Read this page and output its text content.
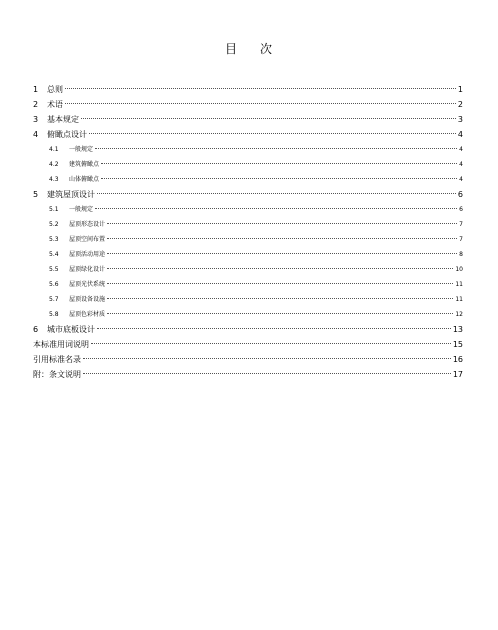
目 次
1	总则	1
2	术语	2
3	基本规定	3
4	俯瞰点设计	4
4.1	一般规定	4
4.2	建筑俯瞰点	4
4.3	山体俯瞰点	4
5	建筑屋顶设计	6
5.1	一般规定	6
5.2	屋顶形态设计	7
5.3	屋顶空间布置	7
5.4	屋顶活动用途	8
5.5	屋顶绿化设计	10
5.6	屋顶光伏系统	11
5.7	屋顶设备设施	11
5.8	屋顶色彩材质	12
6	城市底板设计	13
本标准用词说明	15
引用标准名录	16
附：条文说明	17
